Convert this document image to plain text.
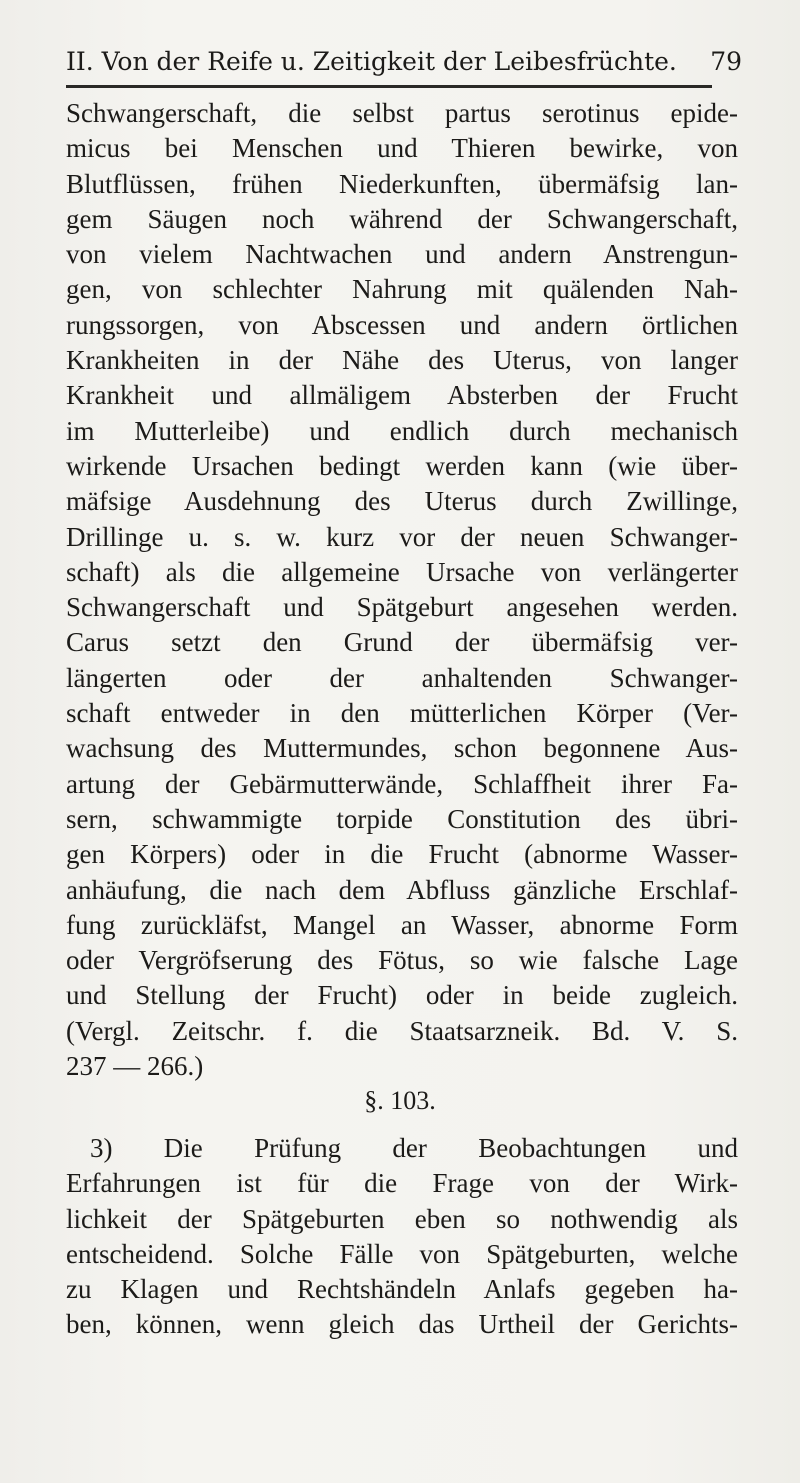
II. Von der Reife u. Zeitigkeit der Leibesfrüchte. 79
Schwangerschaft, die selbst partus serotinus epide-
micus bei Menschen und Thieren bewirke, von
Blutflüssen, frühen Niederkunften, übermäfsig lan-
gem Säugen noch während der Schwangerschaft,
von vielem Nachtwachen und andern Anstrengun-
gen, von schlechter Nahrung mit quälenden Nah-
rungssorgen, von Abscessen und andern örtlichen
Krankheiten in der Nähe des Uterus, von langer
Krankheit und allmäligem Absterben der Frucht
im Mutterleibe) und endlich durch mechanisch
wirkende Ursachen bedingt werden kann (wie über-
mäfsige Ausdehnung des Uterus durch Zwillinge,
Drillinge u. s. w. kurz vor der neuen Schwanger-
schaft) als die allgemeine Ursache von verlängerter
Schwangerschaft und Spätgeburt angesehen werden.
Carus setzt den Grund der übermäfsig ver-
längerten oder der anhaltenden Schwanger-
schaft entweder in den mütterlichen Körper (Ver-
wachsung des Muttermundes, schon begonnene Aus-
artung der Gebärmutterwände, Schlaffheit ihrer Fa-
sern, schwammigte torpide Constitution des übri-
gen Körpers) oder in die Frucht (abnorme Wasser-
anhäufung, die nach dem Abfluss gänzliche Erschlaf-
fung zurückläfst, Mangel an Wasser, abnorme Form
oder Vergröfserung des Fötus, so wie falsche Lage
und Stellung der Frucht) oder in beide zugleich.
(Vergl. Zeitschr. f. die Staatsarzneik. Bd. V. S.
237 — 266.)
§. 103.
3) Die Prüfung der Beobachtungen und
Erfahrungen ist für die Frage von der Wirk-
lichkeit der Spätgeburten eben so nothwendig als
entscheidend. Solche Fälle von Spätgeburten, welche
zu Klagen und Rechtshändeln Anlafs gegeben ha-
ben, können, wenn gleich das Urtheil der Gerichts-
